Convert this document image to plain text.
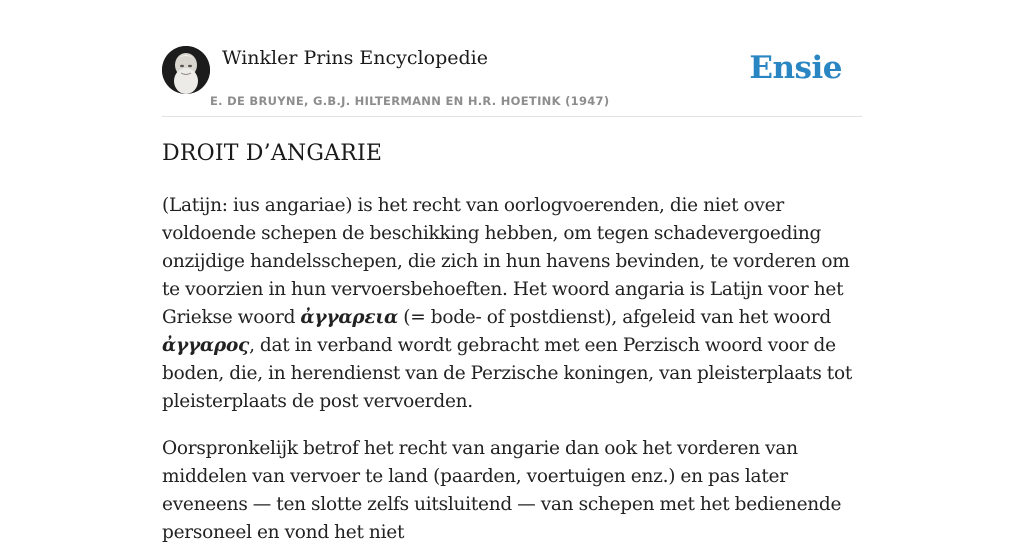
Winkler Prins Encyclopedie
E. DE BRUYNE, G.B.J. HILTERMANN EN H.R. HOETINK (1947)
Ensie
DROIT D’ANGARIE

(Latijn: ius angariae) is het recht van oorlogvoerenden, die niet over voldoende schepen de beschikking hebben, om tegen schadevergoeding onzijdige handelsschepen, die zich in hun havens bevinden, te vorderen om te voorzien in hun vervoersbehoeften. Het woord angaria is Latijn voor het Griekse woord ἀγγαρεια (= bode- of postdienst), afgeleid van het woord ἀγγαρος, dat in verband wordt gebracht met een Perzisch woord voor de boden, die, in herendienst van de Perzische koningen, van pleisterplaats tot pleisterplaats de post vervoerden.

Oorspronkelijk betrof het recht van angarie dan ook het vorderen van middelen van vervoer te land (paarden, voertuigen enz.) en pas later eveneens — ten slotte zelfs uitsluitend — van schepen met het bedienende personeel en vond het niet
